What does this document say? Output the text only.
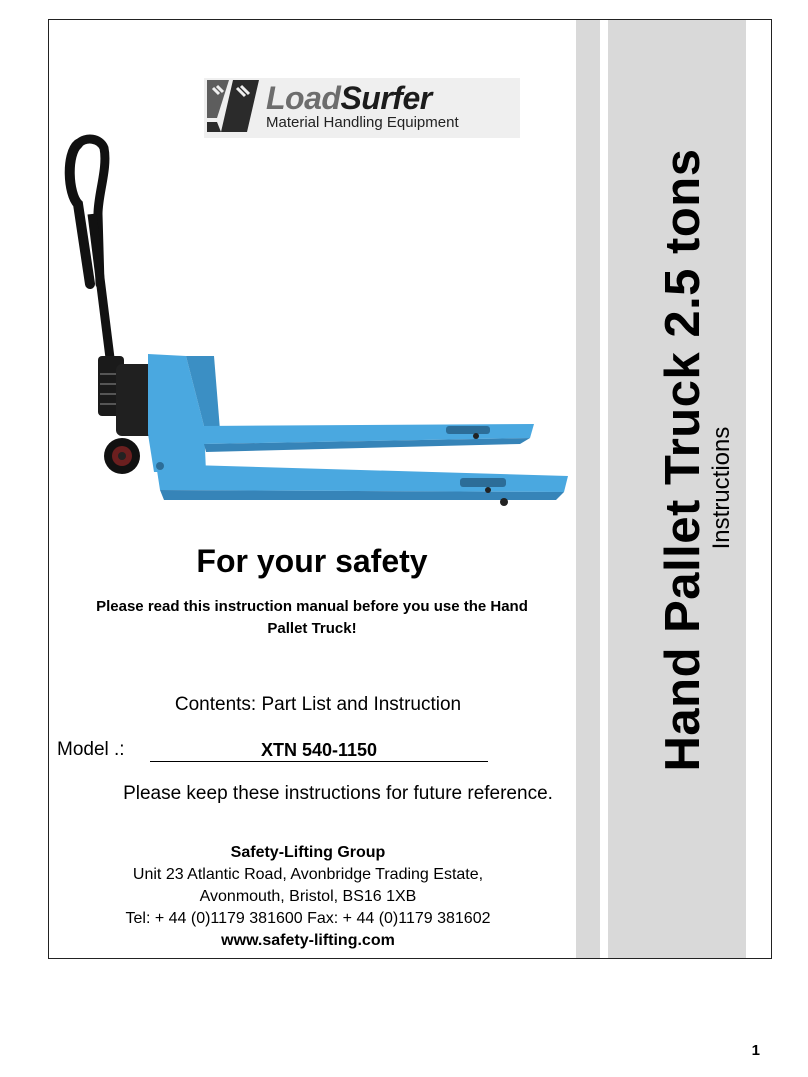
Hand Pallet Truck 2.5 tons
Instructions
LoadSurfer
Material Handling Equipment
For your safety
Please read this instruction manual before you use the Hand
Pallet Truck!
Contents: Part List and Instruction
Model .:	XTN 540-1150
Please keep these instructions for future reference.
Safety-Lifting Group
Unit 23 Atlantic Road, Avonbridge Trading Estate,
Avonmouth, Bristol, BS16 1XB
Tel: + 44 (0)1179 381600 Fax: + 44 (0)1179 381602
www.safety-lifting.com
1
